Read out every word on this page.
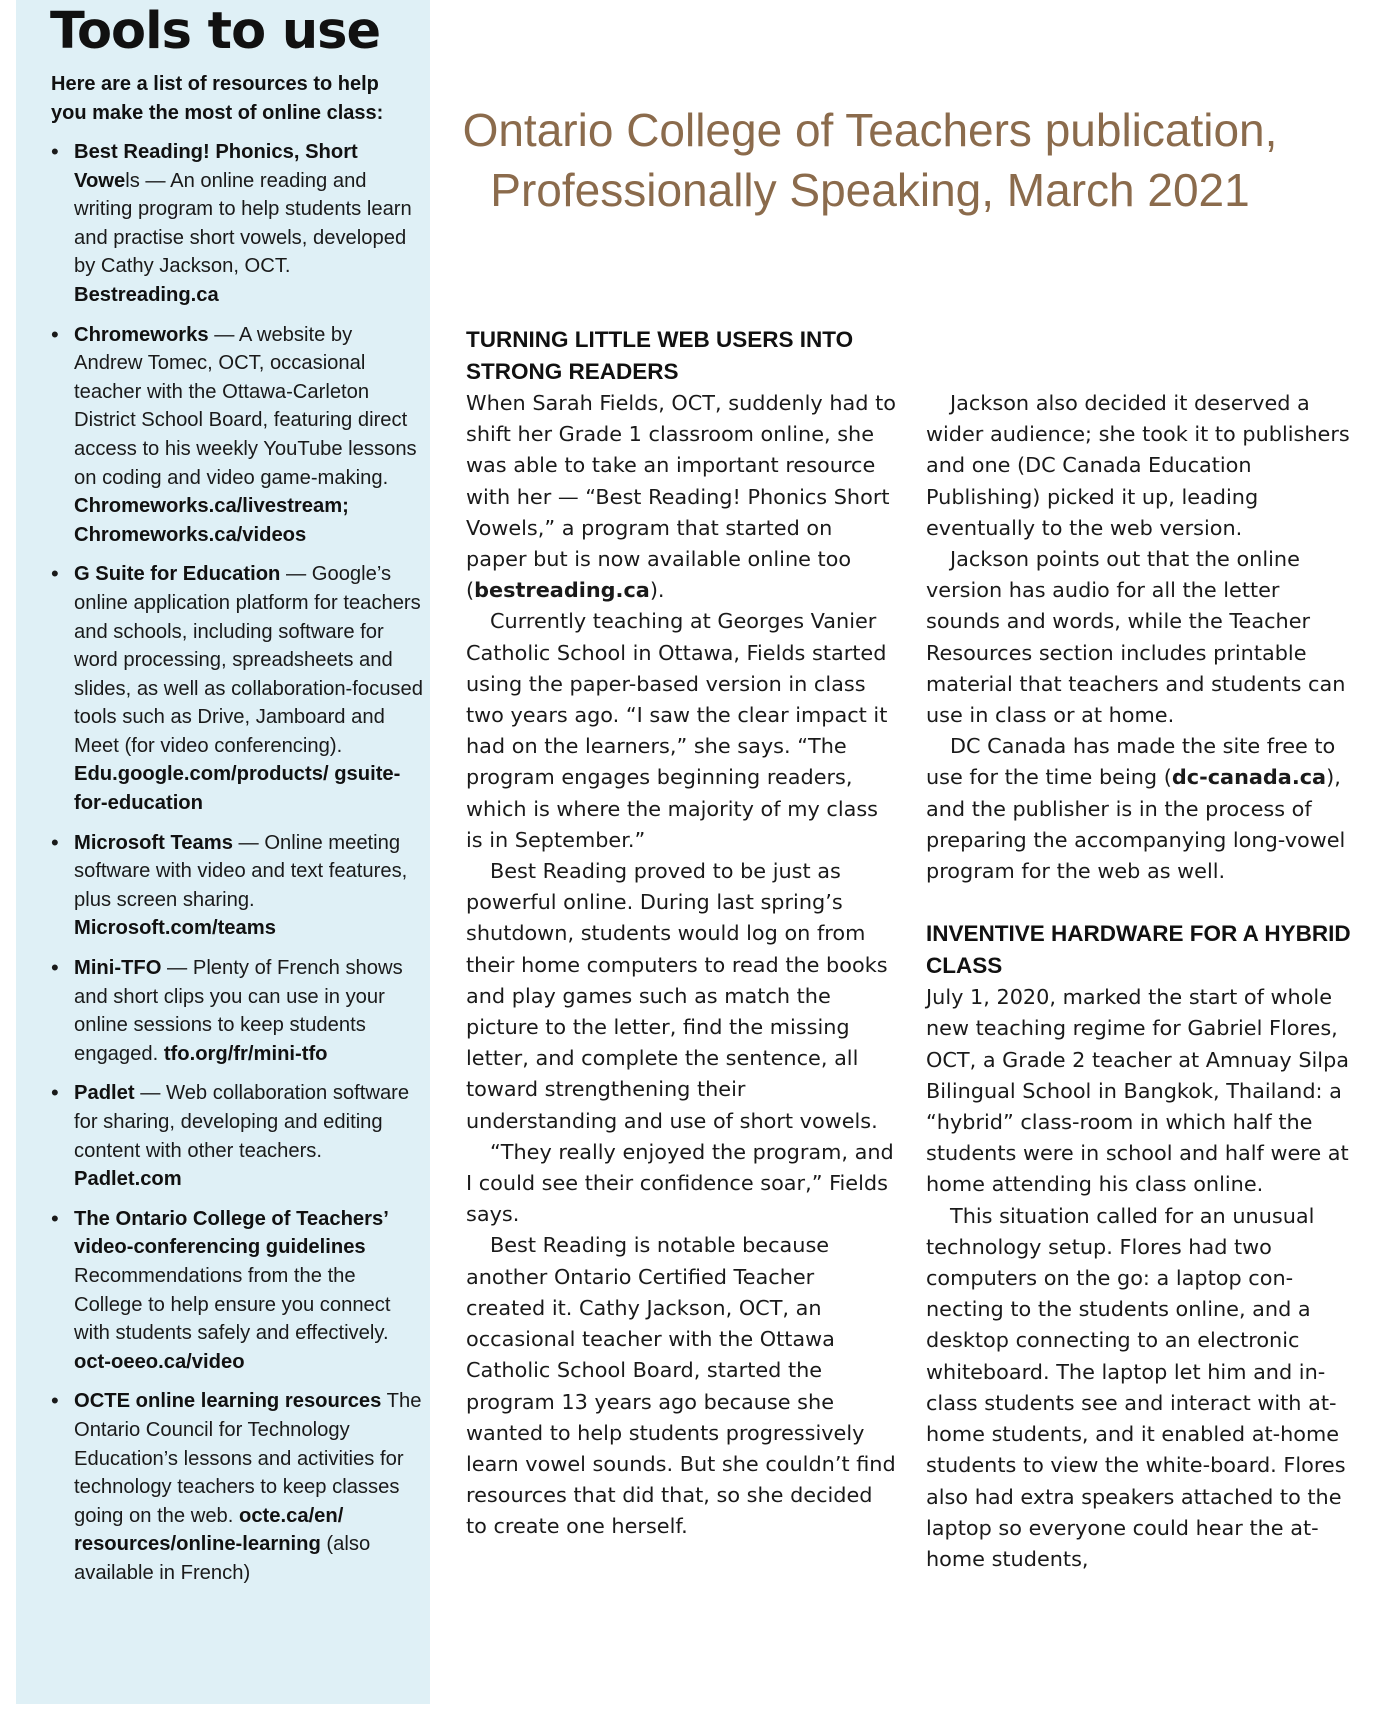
Tools to use

Here are a list of resources to help you make the most of online class:

• Best Reading! Phonics, Short Vowels — An online reading and writing program to help students learn and practise short vowels, developed by Cathy Jackson, OCT. Bestreading.ca
• Chromeworks — A website by Andrew Tomec, OCT, occasional teacher with the Ottawa-Carleton District School Board, featuring direct access to his weekly YouTube lessons on coding and video game-making. Chromeworks.ca/livestream;
Chromeworks.ca/videos
• G Suite for Education — Google’s online application platform for teachers and schools, including software for word processing, spreadsheets and slides, as well as collaboration-focused tools such as Drive, Jamboard and Meet (for video conferencing). Edu.google.com/products/ gsuite-for-education
• Microsoft Teams — Online meeting software with video and text features, plus screen sharing. Microsoft.com/teams
• Mini-TFO — Plenty of French shows and short clips you can use in your online sessions to keep students engaged. tfo.org/fr/mini-tfo
• Padlet — Web collaboration software for sharing, developing and editing content with other teachers. Padlet.com
• The Ontario College of Teachers’ video-conferencing guidelines Recommendations from the the College to help ensure you connect with students safely and effectively. oct-oeeo.ca/video
• OCTE online learning resources The Ontario Council for Technology Education’s lessons and activities for technology teachers to keep classes going on the web. octe.ca/en/ resources/online-learning (also available in French)
Ontario College of Teachers publication,
Professionally Speaking, March 2021
TURNING LITTLE WEB USERS INTO STRONG READERS

When Sarah Fields, OCT, suddenly had to shift her Grade 1 classroom online, she was able to take an important resource with her — “Best Reading! Phonics Short Vowels,” a program that started on paper but is now available online too (bestreading.ca).

Currently teaching at Georges Vanier Catholic School in Ottawa, Fields started using the paper-based version in class two years ago. “I saw the clear impact it had on the learners,” she says. “The program engages beginning readers, which is where the majority of my class is in September.”

Best Reading proved to be just as powerful online. During last spring’s shutdown, students would log on from their home computers to read the books and play games such as match the picture to the letter, find the missing letter, and complete the sentence, all toward strengthening their understanding and use of short vowels.

“They really enjoyed the program, and I could see their confidence soar,” Fields says.

Best Reading is notable because another Ontario Certified Teacher created it. Cathy Jackson, OCT, an occasional teacher with the Ottawa Catholic School Board, started the program 13 years ago because she wanted to help students progressively learn vowel sounds. But she couldn’t find resources that did that, so she decided to create one herself.

Jackson also decided it deserved a wider audience; she took it to publishers and one (DC Canada Education Publishing) picked it up, leading eventually to the web version.

Jackson points out that the online version has audio for all the letter sounds and words, while the Teacher Resources section includes printable material that teachers and students can use in class or at home.

DC Canada has made the site free to use for the time being (dc-canada.ca), and the publisher is in the process of preparing the accompanying long-vowel program for the web as well.

INVENTIVE HARDWARE FOR A HYBRID CLASS

July 1, 2020, marked the start of whole new teaching regime for Gabriel Flores, OCT, a Grade 2 teacher at Amnuay Silpa Bilingual School in Bangkok, Thailand: a “hybrid” class-room in which half the students were in school and half were at home attending his class online.

This situation called for an unusual technology setup. Flores had two computers on the go: a laptop con-necting to the students online, and a desktop connecting to an electronic whiteboard. The laptop let him and in-class students see and interact with at-home students, and it enabled at-home students to view the white-board. Flores also had extra speakers attached to the laptop so everyone could hear the at-home students,
